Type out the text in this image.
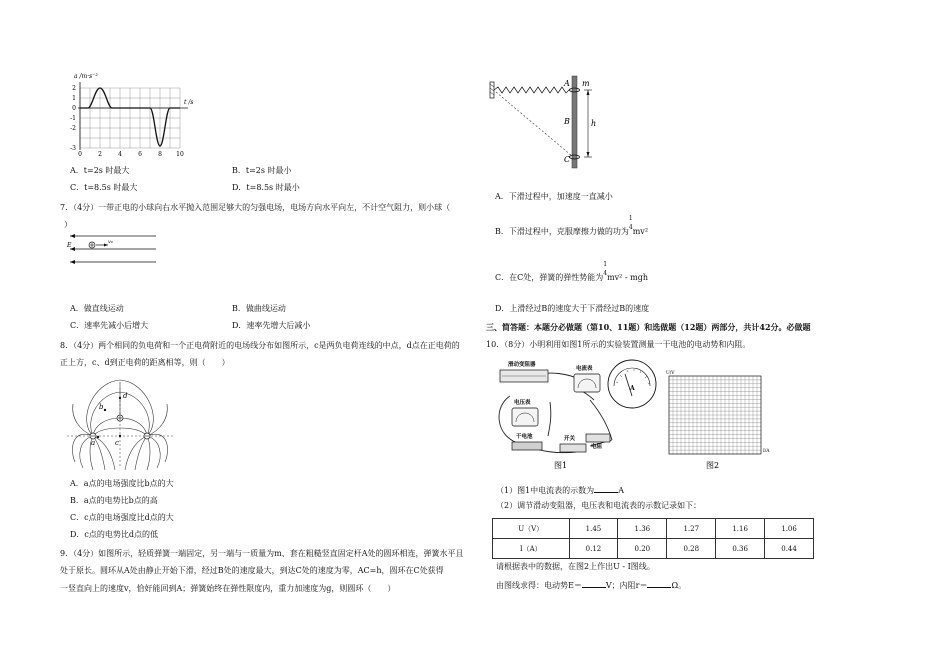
a /m·s⁻²
t /s
2
1
0
-1
-2
-3
0	2	4	6	8 10
A．t=2s 时最大	B．t=2s 时最小
C．t=8.5s 时最大	D．t=8.5s 时最小
7．（4分）一带正电的小球向右水平抛入范围足够大的匀强电场，电场方向水平向左，不计空气阻力，则小球（
）
E	v₀
A．做直线运动	B．做曲线运动
C．速率先减小后增大	D．速率先增大后减小
8．（4分）两个相同的负电荷和一个正电荷附近的电场线分布如图所示，c是两负电荷连线的中点，d点在正电荷的
正上方，c、d到正电荷的距离相等，则（　　）
d
b
a	c
A．a点的电场强度比b点的大
B．a点的电势比b点的高
C．c点的电场强度比d点的大
D．c点的电势比d点的低
9．（4分）如图所示，轻质弹簧一端固定，另一端与一质量为m、套在粗糙竖直固定杆A处的圆环相连，弹簧水平且
处于原长。圆环从A处由静止开始下滑，经过B处的速度最大，到达C处的速度为零，AC=h，圆环在C处获得
一竖直向上的速度v，恰好能回到A；弹簧始终在弹性限度内，重力加速度为g，则圆环（　　）
A m
B
C
h
A．下滑过程中，加速度一直减小
B．下滑过程中，克服摩擦力做的功为
1
4 mv²
C．在C处，弹簧的弹性势能为
1
4 mv² - mgh
D．上滑经过B的速度大于下滑经过B的速度
三、简答题：本题分必做题（第10、11题）和选做题（12题）两部分，共计42分。必做题
10．（8分）小明利用如图1所示的实验装置测量一干电池的电动势和内阻。
滑动变阻器
电流表
A
电压表
干电池	开关
电阻
图1
U/V
I/A
图2
（1）图1中电流表的示数为	A
（2）调节滑动变阻器，电压表和电流表的示数记录如下：
U（V）	1.45	1.36	1.27	1.16	1.06
I（A）	0.12	0.20	0.28	0.36	0.44
请根据表中的数据，在图2上作出U - I图线。
由图线求得：电动势E＝	V；内阻r＝	Ω。
